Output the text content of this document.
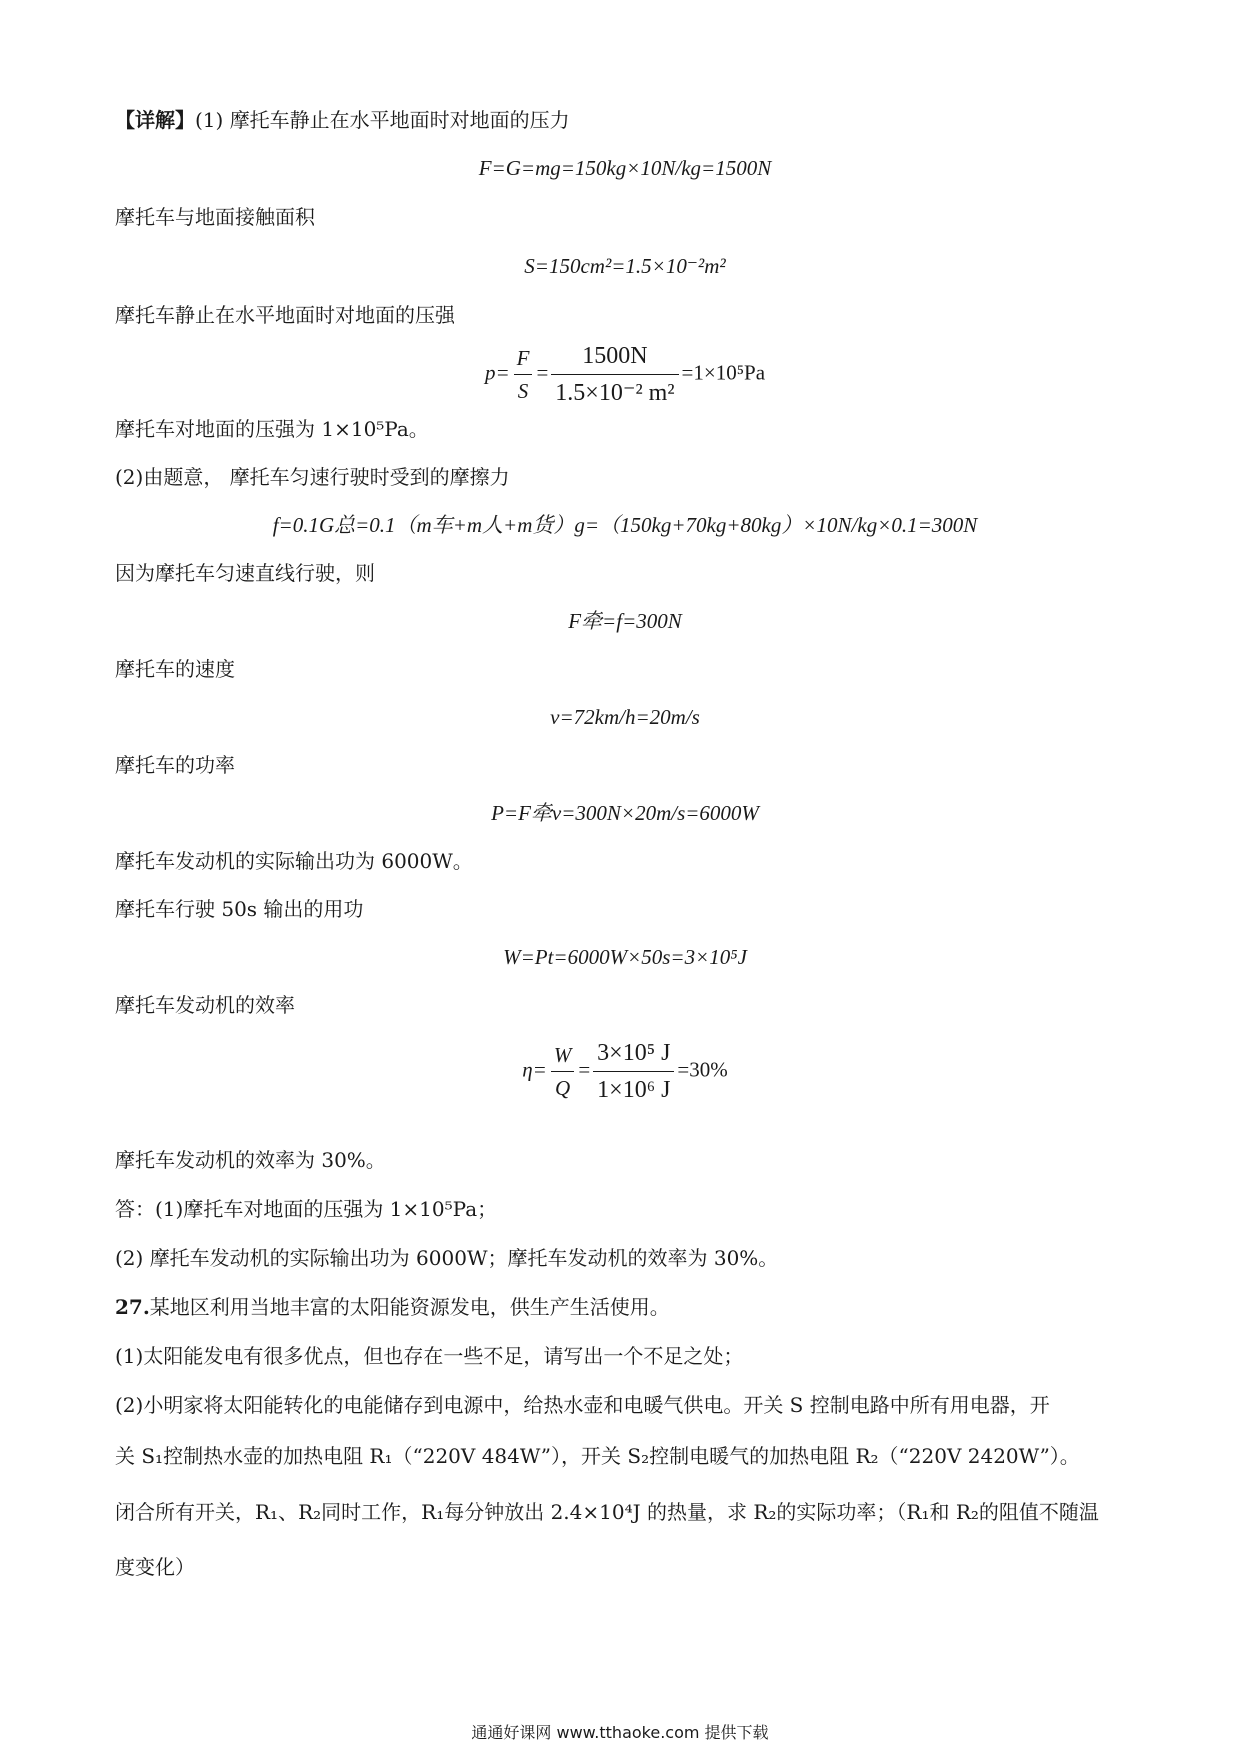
【详解】(1) 摩托车静止在水平地面时对地面的压力
F=G=mg=150kg×10N/kg=1500N
摩托车与地面接触面积
S=150cm²=1.5×10⁻²m²
摩托车静止在水平地面时对地面的压强
$p= \frac{F}{S} = \frac{1500N}{\text{1.5×10⁻² m²}} =1\times 10^5Pa$
摩托车对地面的压强为 1×10⁵Pa。
(2)由题意， 摩托车匀速行驶时受到的摩擦力
f=0.1G总=0.1（m车+m人+m货）g=（150kg+70kg+80kg）×10N/kg×0.1=300N
因为摩托车匀速直线行驶，则
F牵=f=300N
摩托车的速度
v=72km/h=20m/s
摩托车的功率
P=F牵v=300N×20m/s=6000W
摩托车发动机的实际输出功为 6000W。
摩托车行驶 50s 输出的用功
W=Pt=6000W×50s=3×10⁵J
摩托车发动机的效率
$\eta= \frac{W}{Q} = \frac{\text{3×10⁵ J}}{\text{1×10⁶ J}} =30\%$
摩托车发动机的效率为 30%。
答：(1)摩托车对地面的压强为 1×10⁵Pa；
(2) 摩托车发动机的实际输出功为 6000W；摩托车发动机的效率为 30%。
27.某地区利用当地丰富的太阳能资源发电，供生产生活使用。
(1)太阳能发电有很多优点，但也存在一些不足，请写出一个不足之处；
(2)小明家将太阳能转化的电能储存到电源中，给热水壶和电暖气供电。开关 S 控制电路中所有用电器，开
关 S₁控制热水壶的加热电阻 R₁（“220V 484W”），开关 S₂控制电暖气的加热电阻 R₂（“220V 2420W”）。
闭合所有开关，R₁、R₂同时工作，R₁每分钟放出 2.4×10⁴J 的热量，求 R₂的实际功率；（R₁和 R₂的阻值不随温
度变化）
通通好课网 www.tthaoke.com 提供下载
